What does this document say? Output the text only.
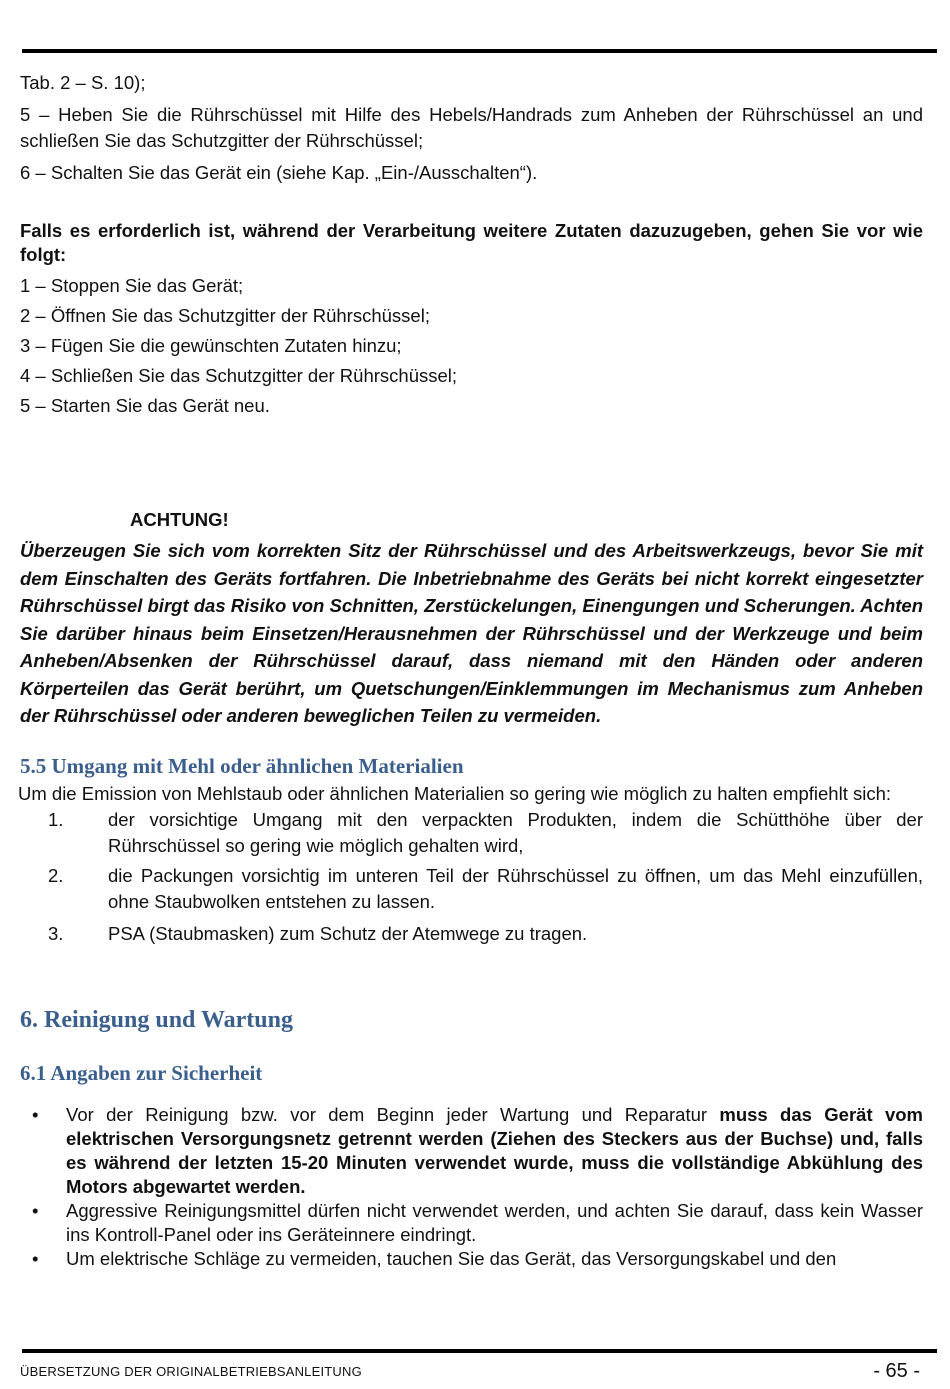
Tab. 2 – S. 10);

5 – Heben Sie die Rührschüssel mit Hilfe des Hebels/Handrads zum Anheben der Rührschüssel an und schließen Sie das Schutzgitter der Rührschüssel;

6 – Schalten Sie das Gerät ein (siehe Kap. „Ein-/Ausschalten“).

Falls es erforderlich ist, während der Verarbeitung weitere Zutaten dazuzugeben, gehen Sie vor wie folgt:

1 – Stoppen Sie das Gerät;

2 – Öffnen Sie das Schutzgitter der Rührschüssel;

3 – Fügen Sie die gewünschten Zutaten hinzu;

4 – Schließen Sie das Schutzgitter der Rührschüssel;

5 – Starten Sie das Gerät neu.

ACHTUNG!

Überzeugen Sie sich vom korrekten Sitz der Rührschüssel und des Arbeitswerkzeugs, bevor Sie mit dem Einschalten des Geräts fortfahren. Die Inbetriebnahme des Geräts bei nicht korrekt eingesetzter Rührschüssel birgt das Risiko von Schnitten, Zerstückelungen, Einengungen und Scherungen. Achten Sie darüber hinaus beim Einsetzen/Herausnehmen der Rührschüssel und der Werkzeuge und beim Anheben/Absenken der Rührschüssel darauf, dass niemand mit den Händen oder anderen Körperteilen das Gerät berührt, um Quetschungen/Einklemmungen im Mechanismus zum Anheben der Rührschüssel oder anderen beweglichen Teilen zu vermeiden.

5.5 Umgang mit Mehl oder ähnlichen Materialien

Um die Emission von Mehlstaub oder ähnlichen Materialien so gering wie möglich zu halten empfiehlt sich:

1.	der vorsichtige Umgang mit den verpackten Produkten, indem die Schütthöhe über der Rührschüssel so gering wie möglich gehalten wird,
2.	die Packungen vorsichtig im unteren Teil der Rührschüssel zu öffnen, um das Mehl einzufüllen, ohne Staubwolken entstehen zu lassen.
3.	PSA (Staubmasken) zum Schutz der Atemwege zu tragen.
6. Reinigung und Wartung
6.1 Angaben zur Sicherheit
•	Vor der Reinigung bzw. vor dem Beginn jeder Wartung und Reparatur muss das Gerät vom elektrischen Versorgungsnetz getrennt werden (Ziehen des Steckers aus der Buchse) und, falls es während der letzten 15-20 Minuten verwendet wurde, muss die vollständige Abkühlung des Motors abgewartet werden.
•	Aggressive Reinigungsmittel dürfen nicht verwendet werden, und achten Sie darauf, dass kein Wasser ins Kontroll-Panel oder ins Geräteinnere eindringt.
•	Um elektrische Schläge zu vermeiden, tauchen Sie das Gerät, das Versorgungskabel und den
ÜBERSETZUNG DER ORIGINALBETRIEBSANLEITUNG	- 65 -
